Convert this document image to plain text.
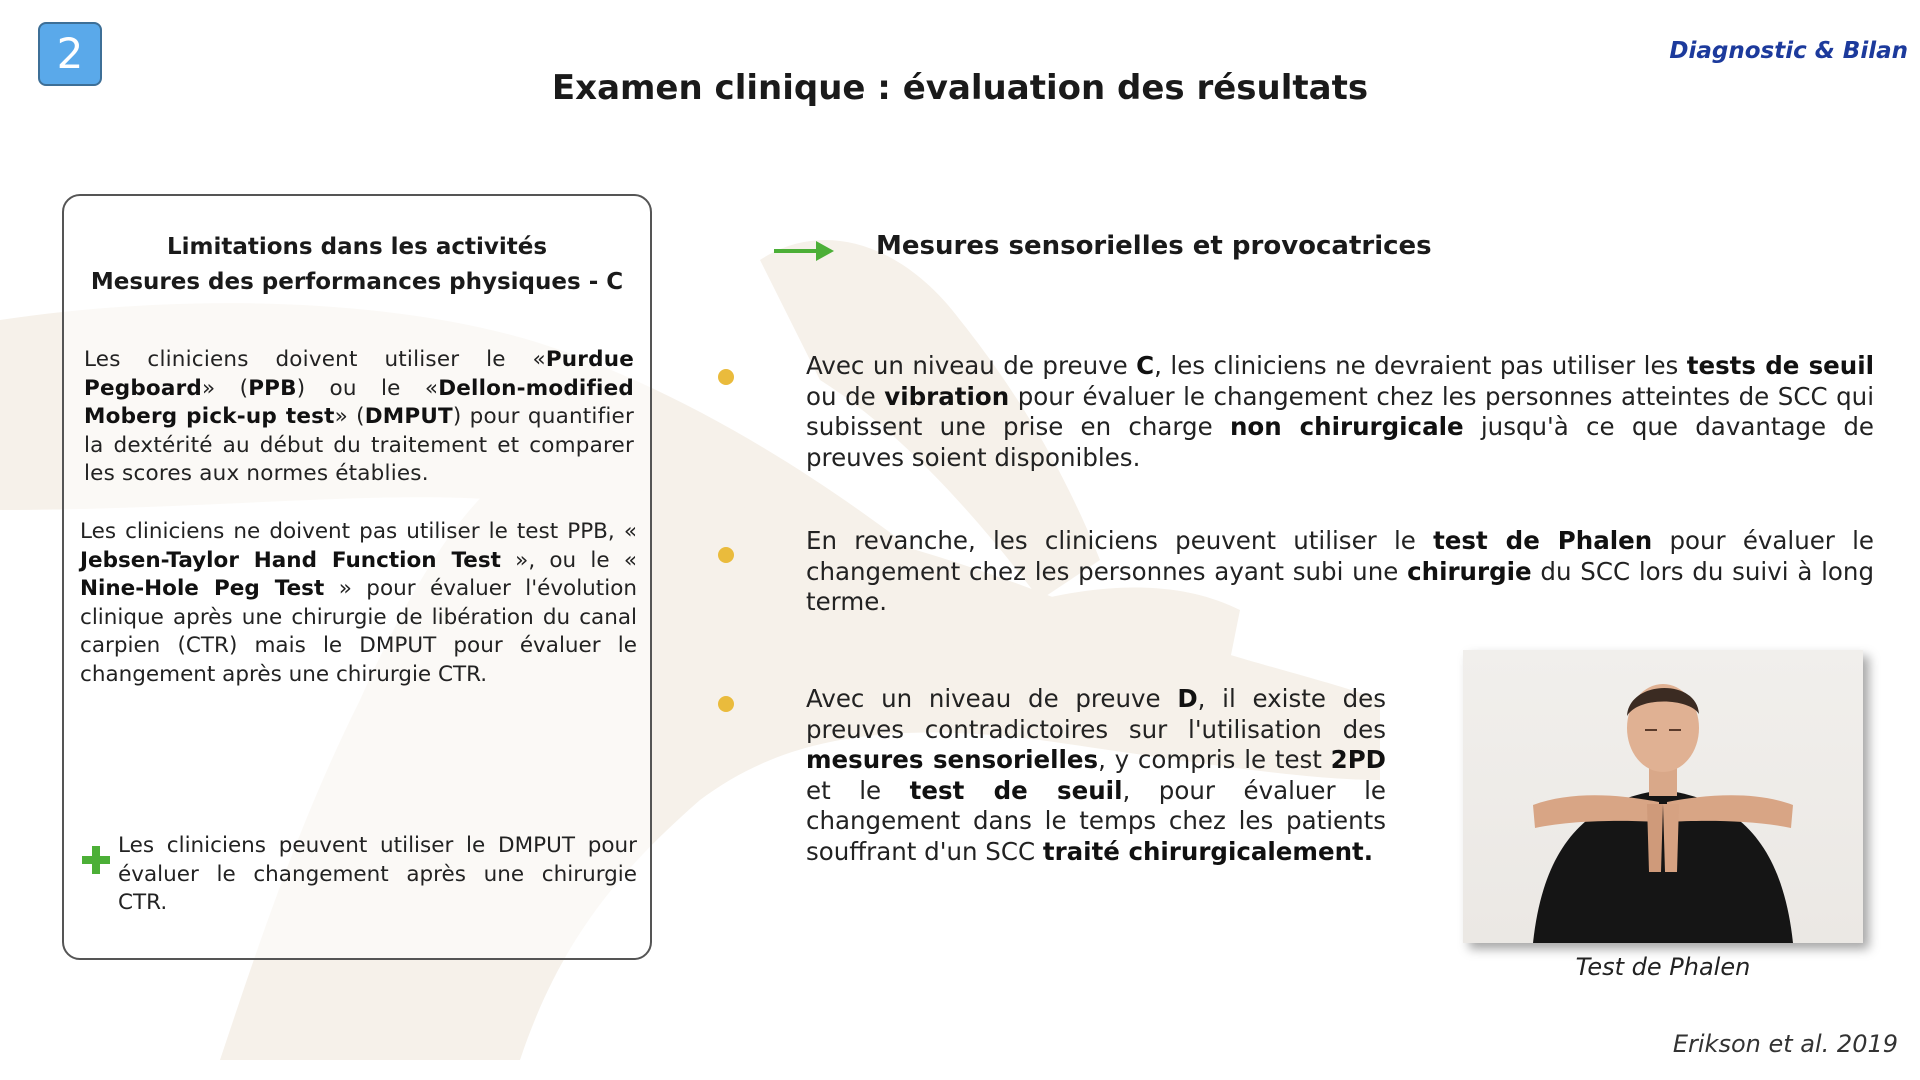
2	Diagnostic & Bilan
Examen clinique : évaluation des résultats
Limitations dans les activités
Mesures des performances physiques - C

Les cliniciens doivent utiliser le «Purdue Pegboard» (PPB) ou le «Dellon-modified Moberg pick-up test» (DMPUT) pour quantifier la dextérité au début du traitement et comparer les scores aux normes établies.

Les cliniciens ne doivent pas utiliser le test PPB, « Jebsen-Taylor Hand Function Test », ou le « Nine-Hole Peg Test » pour évaluer l'évolution clinique après une chirurgie de libération du canal carpien (CTR) mais le DMPUT pour évaluer le changement après une chirurgie CTR.

Les cliniciens peuvent utiliser le DMPUT pour évaluer le changement après une chirurgie CTR.

Mesures sensorielles et provocatrices

Avec un niveau de preuve C, les cliniciens ne devraient pas utiliser les tests de seuil ou de vibration pour évaluer le changement chez les personnes atteintes de SCC qui subissent une prise en charge non chirurgicale jusqu'à ce que davantage de preuves soient disponibles.

En revanche, les cliniciens peuvent utiliser le test de Phalen pour évaluer le changement chez les personnes ayant subi une chirurgie du SCC lors du suivi à long terme.

Avec un niveau de preuve D, il existe des preuves contradictoires sur l'utilisation des mesures sensorielles, y compris le test 2PD et le test de seuil, pour évaluer le changement dans le temps chez les patients souffrant d'un SCC traité chirurgicalement.

Test de Phalen
Erikson et al. 2019
